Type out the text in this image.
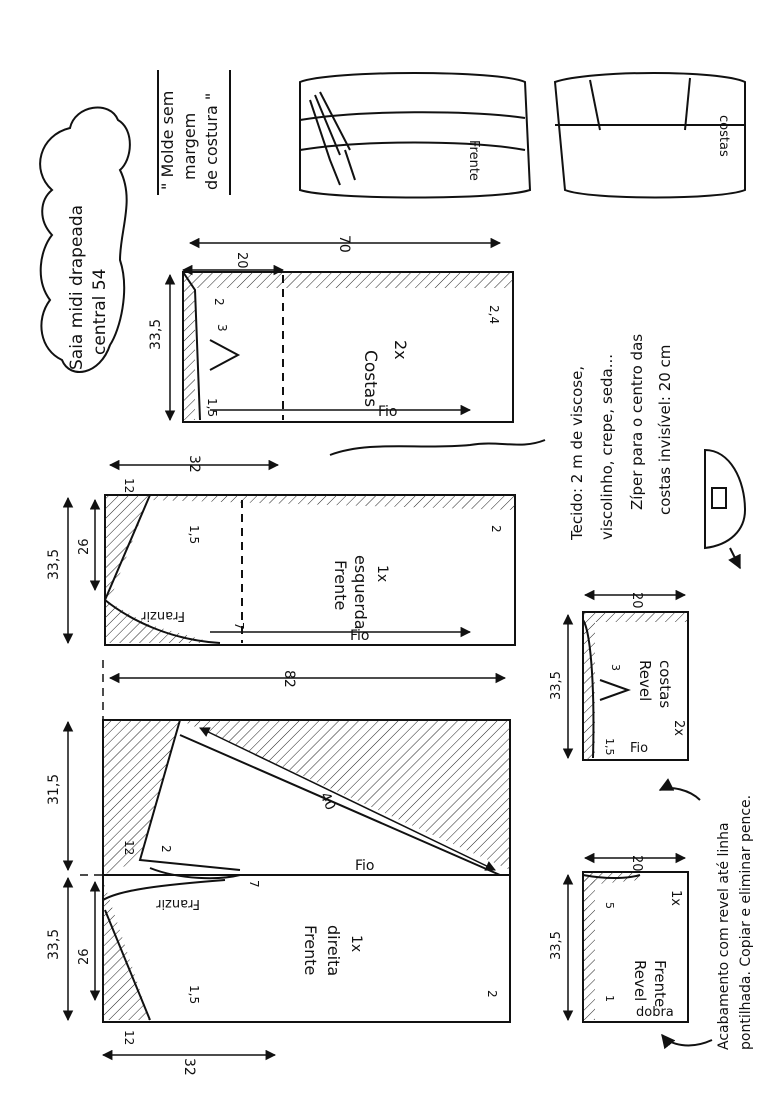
Saia midi drapeada central 54
" Molde sem margem de costura "	Frente
costas
Costas
2x
Fio
70
20
33,5
2
3
1,5
2,4
Frente esquerda 1x
Fio
Franzir
32
33,5
26
12
1,5	2
7
82
40
Fio
Frente direita 1x
Franzir
31,5
33,5 26
12
12
32
2
1,5	2
7
Tecido: 2 m de viscose, viscolinho, crepe, seda... Zíper para o centro das costas invisível: 20 cm
Revel costas
2x
Fio
20
33,5
3
1,5
Revel Frente
1x
dobra
20
33,5
5
1	Acabamento com revel até linha pontilhada. Copiar e eliminar pence.
